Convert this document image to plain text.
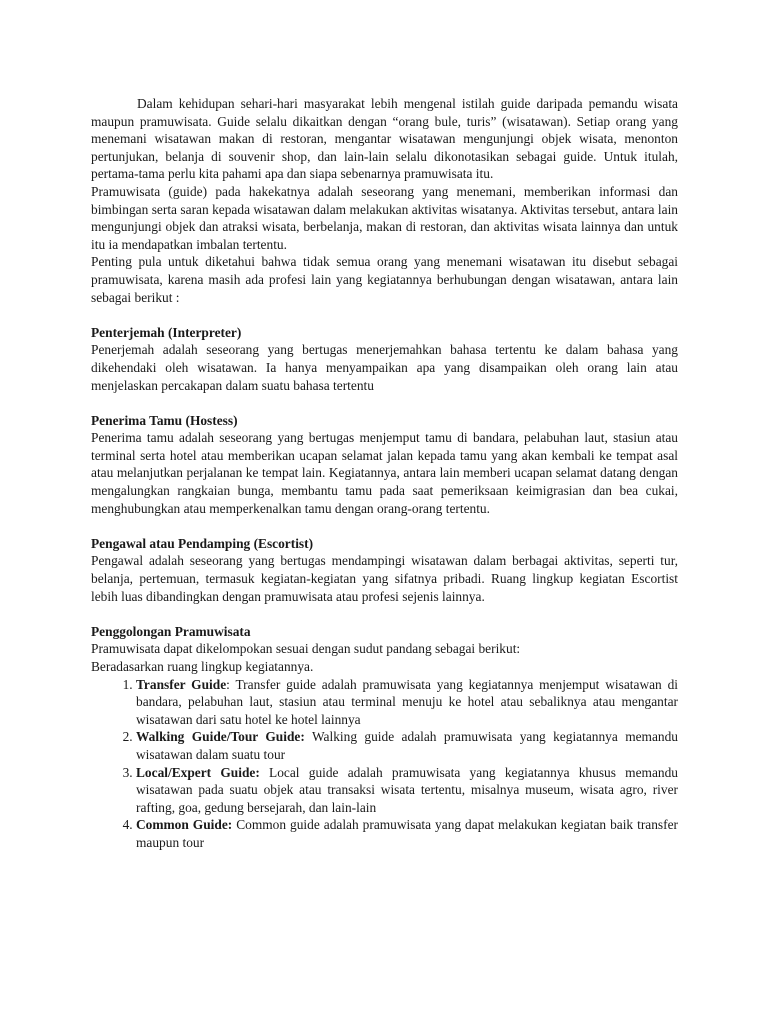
Dalam kehidupan sehari-hari masyarakat lebih mengenal istilah guide daripada pemandu wisata maupun pramuwisata. Guide selalu dikaitkan dengan “orang bule, turis” (wisatawan). Setiap orang yang menemani wisatawan makan di restoran, mengantar wisatawan mengunjungi objek wisata, menonton pertunjukan, belanja di souvenir shop, dan lain-lain selalu dikonotasikan sebagai guide. Untuk itulah, pertama-tama perlu kita pahami apa dan siapa sebenarnya pramuwisata itu.

Pramuwisata (guide) pada hakekatnya adalah seseorang yang menemani, memberikan informasi dan bimbingan serta saran kepada wisatawan dalam melakukan aktivitas wisatanya. Aktivitas tersebut, antara lain mengunjungi objek dan atraksi wisata, berbelanja, makan di restoran, dan aktivitas wisata lainnya dan untuk itu ia mendapatkan imbalan tertentu.

Penting pula untuk diketahui bahwa tidak semua orang yang menemani wisatawan itu disebut sebagai pramuwisata, karena masih ada profesi lain yang kegiatannya berhubungan dengan wisatawan, antara lain sebagai berikut :

Penterjemah (Interpreter)

Penerjemah adalah seseorang yang bertugas menerjemahkan bahasa tertentu ke dalam bahasa yang dikehendaki oleh wisatawan. Ia hanya menyampaikan apa yang disampaikan oleh orang lain atau menjelaskan percakapan dalam suatu bahasa tertentu

Penerima Tamu (Hostess)

Penerima tamu adalah seseorang yang bertugas menjemput tamu di bandara, pelabuhan laut, stasiun atau terminal serta hotel atau memberikan ucapan selamat jalan kepada tamu yang akan kembali ke tempat asal atau melanjutkan perjalanan ke tempat lain. Kegiatannya, antara lain memberi ucapan selamat datang dengan mengalungkan rangkaian bunga, membantu tamu pada saat pemeriksaan keimigrasian dan bea cukai, menghubungkan atau memperkenalkan tamu dengan orang-orang tertentu.

Pengawal atau Pendamping (Escortist)

Pengawal adalah seseorang yang bertugas mendampingi wisatawan dalam berbagai aktivitas, seperti tur, belanja, pertemuan, termasuk kegiatan-kegiatan yang sifatnya pribadi. Ruang lingkup kegiatan Escortist lebih luas dibandingkan dengan pramuwisata atau profesi sejenis lainnya.

Penggolongan Pramuwisata

Pramuwisata dapat dikelompokan sesuai dengan sudut pandang sebagai berikut:

Beradasarkan ruang lingkup kegiatannya.

1. Transfer Guide: Transfer guide adalah pramuwisata yang kegiatannya menjemput wisatawan di bandara, pelabuhan laut, stasiun atau terminal menuju ke hotel atau sebaliknya atau mengantar wisatawan dari satu hotel ke hotel lainnya
2. Walking Guide/Tour Guide: Walking guide adalah pramuwisata yang kegiatannya memandu wisatawan dalam suatu tour
3. Local/Expert Guide: Local guide adalah pramuwisata yang kegiatannya khusus memandu wisatawan pada suatu objek atau transaksi wisata tertentu, misalnya museum, wisata agro, river rafting, goa, gedung bersejarah, dan lain-lain
4. Common Guide: Common guide adalah pramuwisata yang dapat melakukan kegiatan baik transfer maupun tour
